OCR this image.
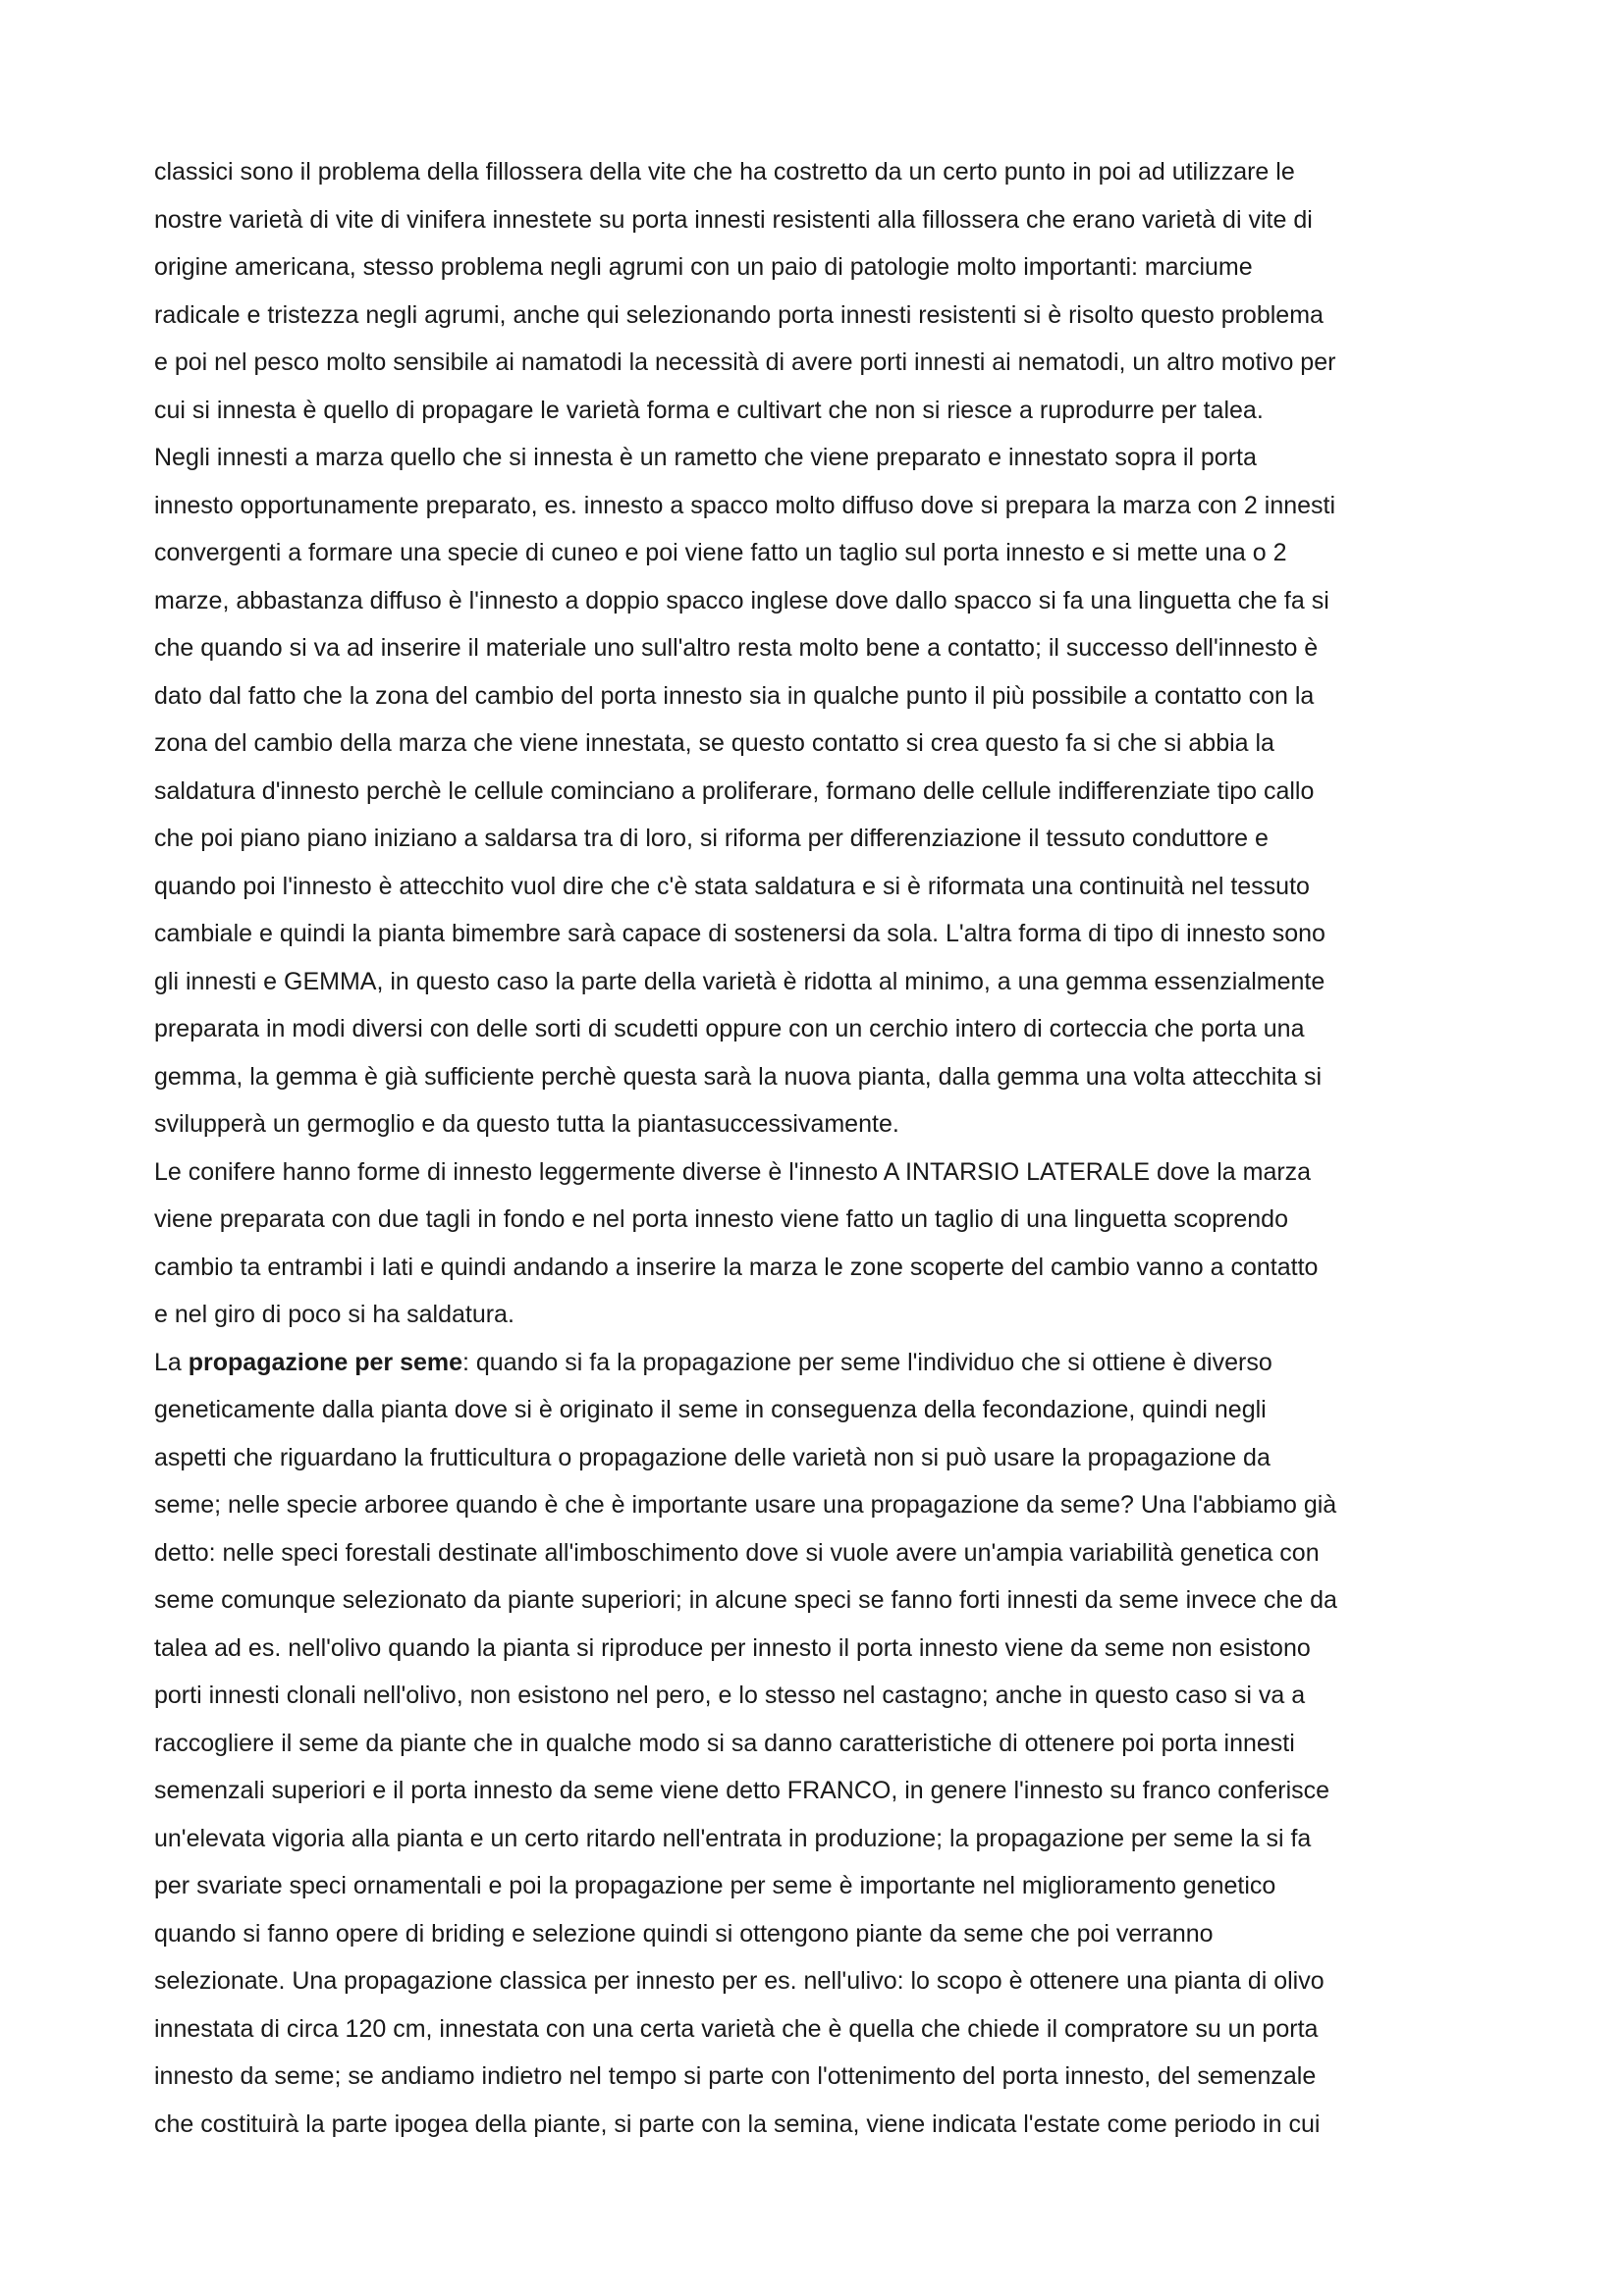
classici sono il problema della fillossera della vite che ha costretto da un certo punto in poi ad utilizzare le
nostre varietà di vite di vinifera innestete su porta innesti resistenti alla fillossera che erano varietà di vite di
origine americana, stesso problema negli agrumi con un paio di patologie molto importanti: marciume
radicale e tristezza negli agrumi, anche qui selezionando porta innesti resistenti si è risolto questo problema
e poi nel pesco molto sensibile ai namatodi la necessità di avere porti innesti ai nematodi, un altro motivo per
cui si innesta è quello di propagare le varietà forma e cultivart che non si riesce a ruprodurre per talea.
Negli innesti a marza quello che si innesta è un rametto che viene preparato e innestato sopra il porta
innesto opportunamente preparato, es. innesto a spacco molto diffuso dove si prepara la marza con 2 innesti
convergenti a formare una specie di cuneo e poi viene fatto un taglio sul porta innesto e si mette una o 2
marze, abbastanza diffuso è l'innesto a doppio spacco inglese dove dallo spacco si fa una linguetta che fa si
che quando si va ad inserire il materiale uno sull'altro resta molto bene a contatto; il successo dell'innesto è
dato dal fatto che la zona del cambio del porta innesto sia in qualche punto il più possibile a contatto con la
zona del cambio della marza che viene innestata, se questo contatto si crea questo fa si che si abbia la
saldatura d'innesto perchè le cellule cominciano a proliferare, formano delle cellule indifferenziate tipo callo
che poi piano piano iniziano a saldarsa tra di loro, si riforma per differenziazione il tessuto conduttore e
quando poi l'innesto è attecchito vuol dire che c'è stata saldatura e si è riformata una continuità nel tessuto
cambiale e quindi la pianta bimembre sarà capace di sostenersi da sola. L'altra forma di tipo di innesto sono
gli innesti e GEMMA, in questo caso la parte della varietà è ridotta al minimo, a una gemma essenzialmente
preparata in modi diversi con delle sorti di scudetti oppure con un cerchio intero di corteccia che porta una
gemma, la gemma è già sufficiente perchè questa sarà la nuova pianta, dalla gemma una volta attecchita si
svilupperà un germoglio e da questo tutta la piantasuccessivamente.
Le conifere hanno forme di innesto leggermente diverse è l'innesto A INTARSIO LATERALE dove la marza
viene preparata con due tagli in fondo e nel porta innesto viene fatto un taglio di una linguetta scoprendo
cambio ta entrambi i lati e quindi andando a inserire la marza le zone scoperte del cambio vanno a contatto
e nel giro di poco si ha saldatura.
La propagazione per seme: quando si fa la propagazione per seme l'individuo che si ottiene è diverso
geneticamente dalla pianta dove si è originato il seme in conseguenza della fecondazione, quindi negli
aspetti che riguardano la frutticultura o propagazione delle varietà non si può usare la propagazione da
seme; nelle specie arboree quando è che è importante usare una propagazione da seme? Una l'abbiamo già
detto: nelle speci forestali destinate all'imboschimento dove si vuole avere un'ampia variabilità genetica con
seme comunque selezionato da piante superiori; in alcune speci se fanno forti innesti da seme invece che da
talea ad es. nell'olivo quando la pianta si riproduce per innesto il porta innesto viene da seme non esistono
porti innesti clonali nell'olivo, non esistono nel pero, e lo stesso nel castagno; anche in questo caso si va a
raccogliere il seme da piante che in qualche modo si sa danno caratteristiche di ottenere poi porta innesti
semenzali superiori e il porta innesto da seme viene detto FRANCO, in genere l'innesto su franco conferisce
un'elevata vigoria alla pianta e un certo ritardo nell'entrata in produzione; la propagazione per seme la si fa
per svariate speci ornamentali e poi la propagazione per seme è importante nel miglioramento genetico
quando si fanno opere di briding e selezione quindi si ottengono piante da seme che poi verranno
selezionate. Una propagazione classica per innesto per es. nell'ulivo: lo scopo è ottenere una pianta di olivo
innestata di circa 120 cm, innestata con una certa varietà che è quella che chiede il compratore su un porta
innesto da seme; se andiamo indietro nel tempo si parte con l'ottenimento del porta innesto, del semenzale
che costituirà la parte ipogea della piante, si parte con la semina, viene indicata l'estate come periodo in cui
